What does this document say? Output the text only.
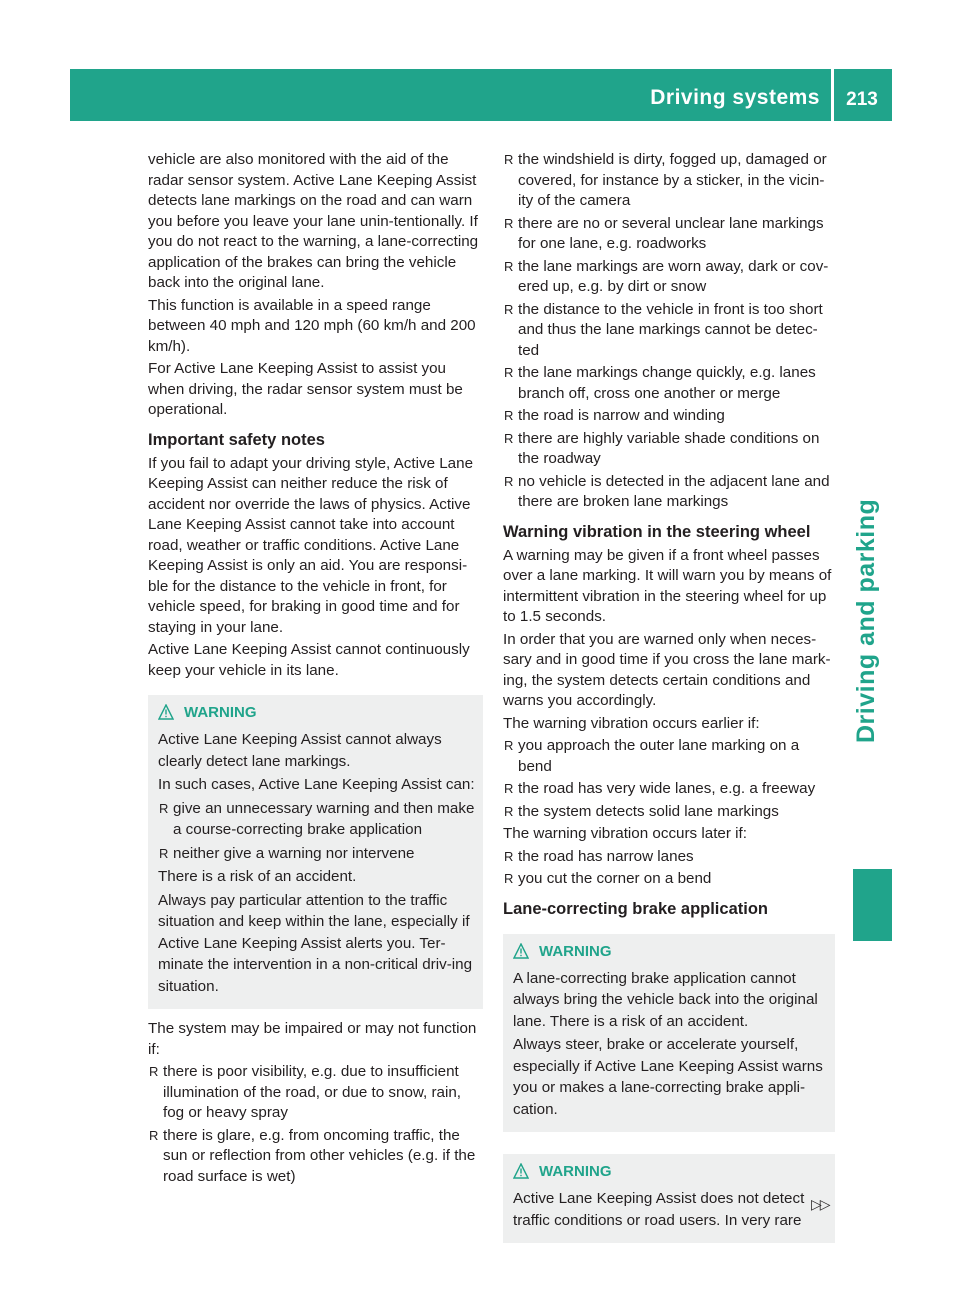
Driving systems	213
Driving and parking

vehicle are also monitored with the aid of the radar sensor system. Active Lane Keeping Assist detects lane markings on the road and can warn you before you leave your lane unin-tentionally. If you do not react to the warning, a lane-correcting application of the brakes can bring the vehicle back into the original lane.

This function is available in a speed range between 40 mph and 120 mph (60 km/h and 200 km/h).

For Active Lane Keeping Assist to assist you when driving, the radar sensor system must be operational.

Important safety notes

If you fail to adapt your driving style, Active Lane Keeping Assist can neither reduce the risk of accident nor override the laws of physics. Active Lane Keeping Assist cannot take into account road, weather or traffic conditions. Active Lane Keeping Assist is only an aid. You are responsi-ble for the distance to the vehicle in front, for vehicle speed, for braking in good time and for staying in your lane.

Active Lane Keeping Assist cannot continuously keep your vehicle in its lane.

WARNING

Active Lane Keeping Assist cannot always clearly detect lane markings.

In such cases, Active Lane Keeping Assist can:

R give an unnecessary warning and then make a course-correcting brake application
R neither give a warning nor intervene

There is a risk of an accident.

Always pay particular attention to the traffic situation and keep within the lane, especially if Active Lane Keeping Assist alerts you. Ter-minate the intervention in a non-critical driv-ing situation.

The system may be impaired or may not function if:

R there is poor visibility, e.g. due to insufficient illumination of the road, or due to snow, rain, fog or heavy spray
R there is glare, e.g. from oncoming traffic, the sun or reflection from other vehicles (e.g. if the road surface is wet)
R the windshield is dirty, fogged up, damaged or covered, for instance by a sticker, in the vicin-ity of the camera
R there are no or several unclear lane markings for one lane, e.g. roadworks
R the lane markings are worn away, dark or cov-ered up, e.g. by dirt or snow
R the distance to the vehicle in front is too short and thus the lane markings cannot be detec-ted
R the lane markings change quickly, e.g. lanes branch off, cross one another or merge
R the road is narrow and winding
R there are highly variable shade conditions on the roadway
R no vehicle is detected in the adjacent lane and there are broken lane markings
Warning vibration in the steering wheel

A warning may be given if a front wheel passes over a lane marking. It will warn you by means of intermittent vibration in the steering wheel for up to 1.5 seconds.

In order that you are warned only when neces-sary and in good time if you cross the lane mark-ing, the system detects certain conditions and warns you accordingly.

The warning vibration occurs earlier if:

R you approach the outer lane marking on a bend
R the road has very wide lanes, e.g. a freeway
R the system detects solid lane markings

The warning vibration occurs later if:

R the road has narrow lanes
R you cut the corner on a bend
Lane-correcting brake application
WARNING

A lane-correcting brake application cannot always bring the vehicle back into the original lane. There is a risk of an accident.

Always steer, brake or accelerate yourself, especially if Active Lane Keeping Assist warns you or makes a lane-correcting brake appli-cation.

WARNING

Active Lane Keeping Assist does not detect traffic conditions or road users. In very rare

▷▷
